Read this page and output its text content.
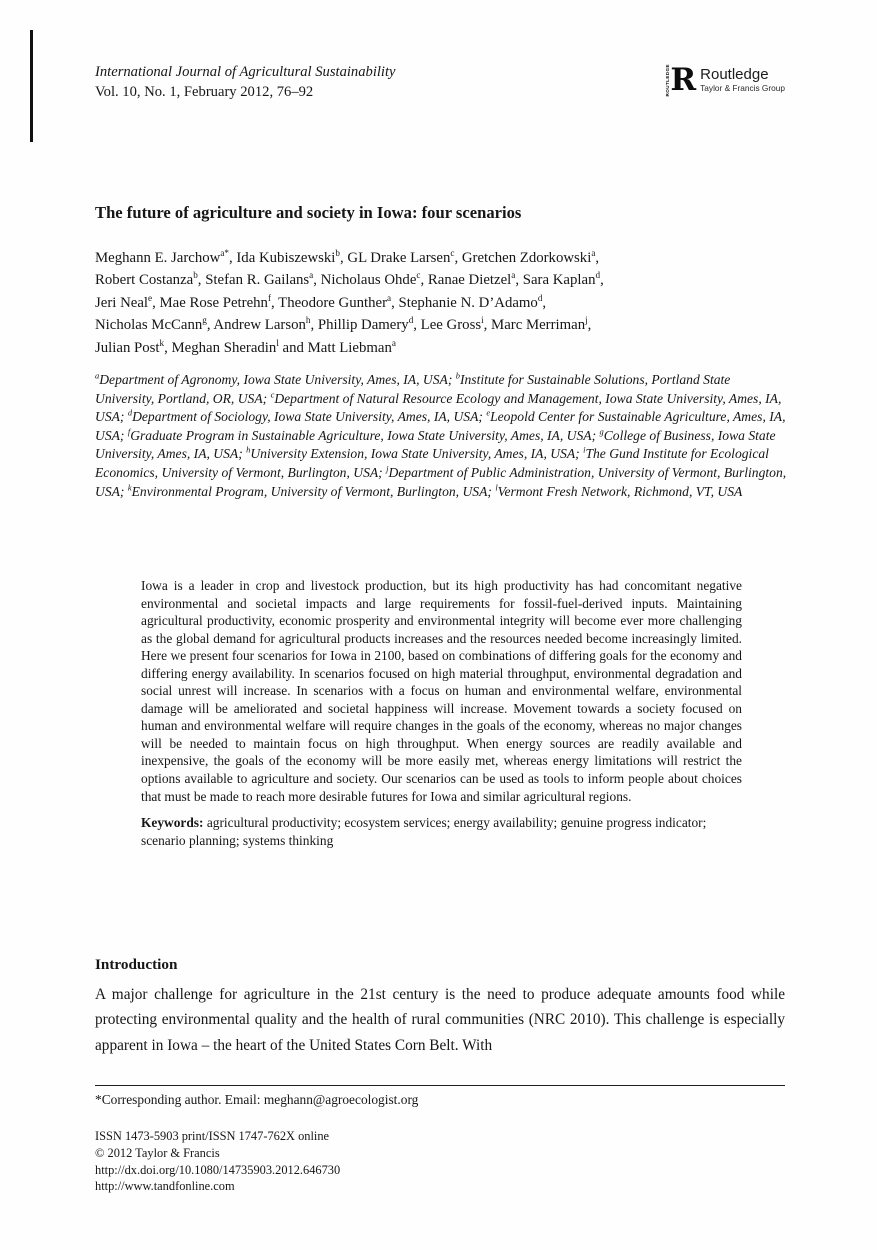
International Journal of Agricultural Sustainability
Vol. 10, No. 1, February 2012, 76–92	ROUTLEDGE R Routledge
Taylor & Francis Group
The future of agriculture and society in Iowa: four scenarios
Meghann E. Jarchow$^{a*}$, Ida Kubiszewski$^b$, GL Drake Larsen$^c$, Gretchen Zdorkowski$^a$,
Robert Costanza$^b$, Stefan R. Gailans$^a$, Nicholaus Ohde$^c$, Ranae Dietzel$^a$, Sara Kaplan$^d$,
Jeri Neal$^e$, Mae Rose Petrehn$^f$, Theodore Gunther$^a$, Stephanie N. D’Adamo$^d$,
Nicholas McCann$^g$, Andrew Larson$^h$, Phillip Damery$^d$, Lee Gross$^i$, Marc Merriman$^j$,
Julian Post$^k$, Meghan Sheradin$^l$ and Matt Liebman$^a$
$^a$Department of Agronomy, Iowa State University, Ames, IA, USA; $^b$Institute for Sustainable Solutions, Portland State University, Portland, OR, USA; $^c$Department of Natural Resource Ecology and Management, Iowa State University, Ames, IA, USA; $^d$Department of Sociology, Iowa State University, Ames, IA, USA; $^e$Leopold Center for Sustainable Agriculture, Ames, IA, USA; $^f$Graduate Program in Sustainable Agriculture, Iowa State University, Ames, IA, USA; $^g$College of Business, Iowa State University, Ames, IA, USA; $^h$University Extension, Iowa State University, Ames, IA, USA; $^i$The Gund Institute for Ecological Economics, University of Vermont, Burlington, USA; $^j$Department of Public Administration, University of Vermont, Burlington, USA; $^k$Environmental Program, University of Vermont, Burlington, USA; $^l$Vermont Fresh Network, Richmond, VT, USA
Iowa is a leader in crop and livestock production, but its high productivity has had concomitant negative environmental and societal impacts and large requirements for fossil-fuel-derived inputs. Maintaining agricultural productivity, economic prosperity and environmental integrity will become ever more challenging as the global demand for agricultural products increases and the resources needed become increasingly limited. Here we present four scenarios for Iowa in 2100, based on combinations of differing goals for the economy and differing energy availability. In scenarios focused on high material throughput, environmental degradation and social unrest will increase. In scenarios with a focus on human and environmental welfare, environmental damage will be ameliorated and societal happiness will increase. Movement towards a society focused on human and environmental welfare will require changes in the goals of the economy, whereas no major changes will be needed to maintain focus on high throughput. When energy sources are readily available and inexpensive, the goals of the economy will be more easily met, whereas energy limitations will restrict the options available to agriculture and society. Our scenarios can be used as tools to inform people about choices that must be made to reach more desirable futures for Iowa and similar agricultural regions.
Keywords: agricultural productivity; ecosystem services; energy availability; genuine progress indicator; scenario planning; systems thinking
Introduction
A major challenge for agriculture in the 21st century is the need to produce adequate amounts food while protecting environmental quality and the health of rural communities (NRC 2010). This challenge is especially apparent in Iowa – the heart of the United States Corn Belt. With
*Corresponding author. Email: meghann@agroecologist.org
ISSN 1473-5903 print/ISSN 1747-762X online
© 2012 Taylor & Francis
http://dx.doi.org/10.1080/14735903.2012.646730
http://www.tandfonline.com
